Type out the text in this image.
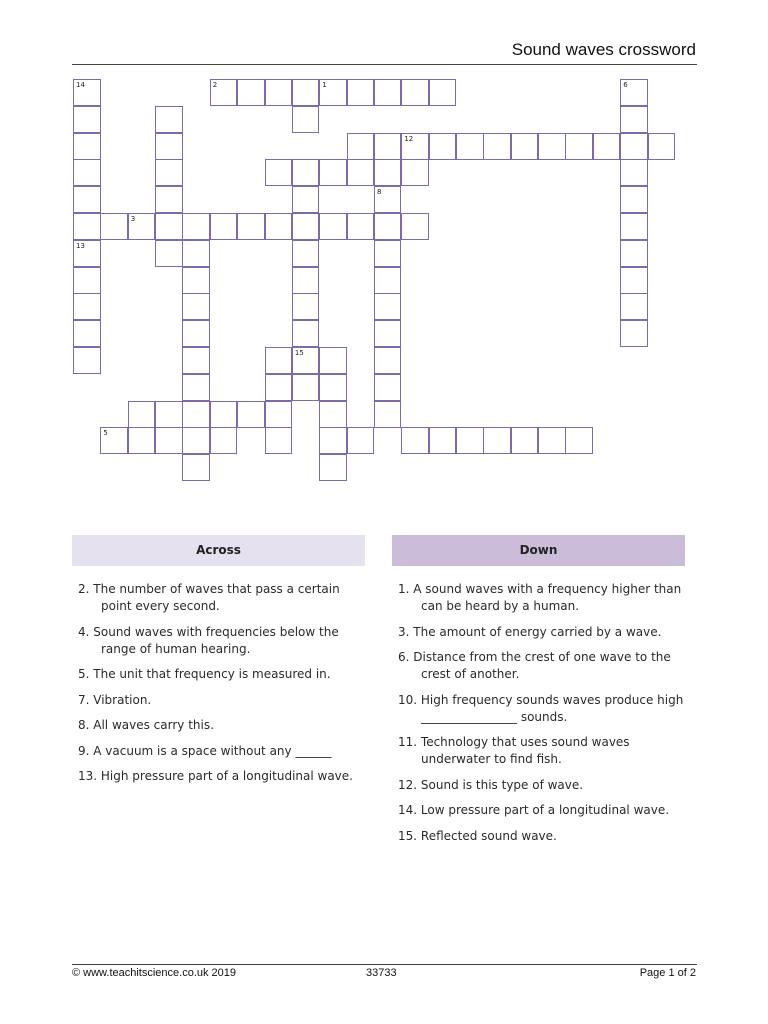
Sound waves crossword
14
13
2	1	6
3
12
15
8
5
Across
2. The number of waves that pass a certain point every second.
4. Sound waves with frequencies below the range of human hearing.
5. The unit that frequency is measured in.
7. Vibration.
8. All waves carry this.
9. A vacuum is a space without any ______
13. High pressure part of a longitudinal wave.
Down
1. A sound waves with a frequency higher than can be heard by a human.
3. The amount of energy carried by a wave.
6. Distance from the crest of one wave to the crest of another.
10. High frequency sounds waves produce high ________________ sounds.
11. Technology that uses sound waves underwater to find fish.
12. Sound is this type of wave.
14. Low pressure part of a longitudinal wave.
15. Reflected sound wave.
© www.teachitscience.co.uk 2019	33733	Page 1 of 2
